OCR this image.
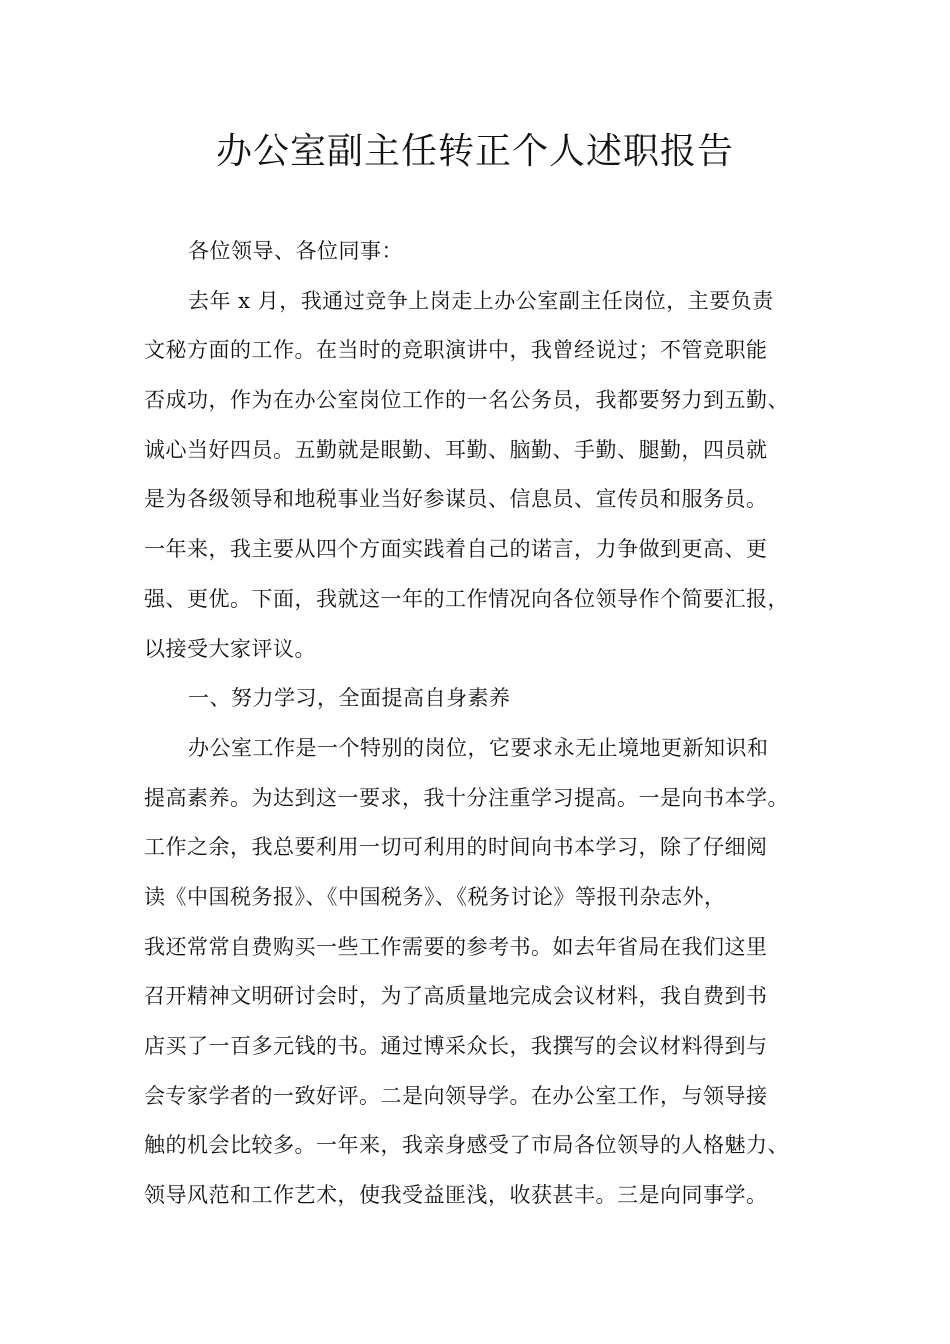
办公室副主任转正个人述职报告
各位领导、各位同事：
去年 x 月，我通过竞争上岗走上办公室副主任岗位，主要负责
文秘方面的工作。在当时的竞职演讲中，我曾经说过；不管竞职能
否成功，作为在办公室岗位工作的一名公务员，我都要努力到五勤、
诚心当好四员。五勤就是眼勤、耳勤、脑勤、手勤、腿勤，四员就
是为各级领导和地税事业当好参谋员、信息员、宣传员和服务员。
一年来，我主要从四个方面实践着自己的诺言，力争做到更高、更
强、更优。下面，我就这一年的工作情况向各位领导作个简要汇报，
以接受大家评议。
一、努力学习，全面提高自身素养
办公室工作是一个特别的岗位，它要求永无止境地更新知识和
提高素养。为达到这一要求，我十分注重学习提高。一是向书本学。
工作之余，我总要利用一切可利用的时间向书本学习，除了仔细阅
读《中国税务报》、《中国税务》、《税务讨论》等报刊杂志外，
我还常常自费购买一些工作需要的参考书。如去年省局在我们这里
召开精神文明研讨会时，为了高质量地完成会议材料，我自费到书
店买了一百多元钱的书。通过博采众长，我撰写的会议材料得到与
会专家学者的一致好评。二是向领导学。在办公室工作，与领导接
触的机会比较多。一年来，我亲身感受了市局各位领导的人格魅力、
领导风范和工作艺术，使我受益匪浅，收获甚丰。三是向同事学。
